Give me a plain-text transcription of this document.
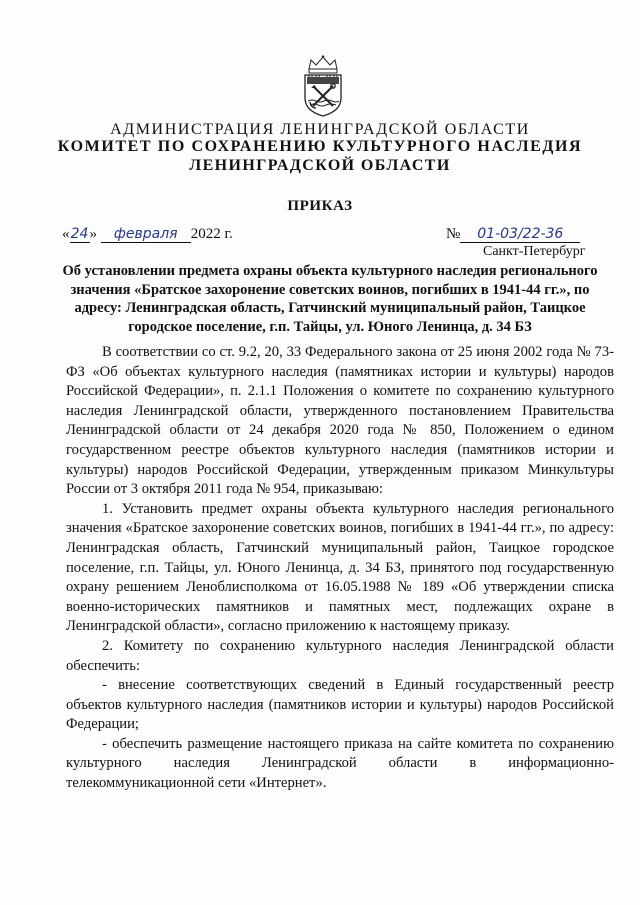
АДМИНИСТРАЦИЯ ЛЕНИНГРАДСКОЙ ОБЛАСТИ
КОМИТЕТ ПО СОХРАНЕНИЮ КУЛЬТУРНОГО НАСЛЕДИЯ
ЛЕНИНГРАДСКОЙ ОБЛАСТИ
ПРИКАЗ
«24» февраля 2022 г.	№ 01-03/22-36
Санкт-Петербург
Об установлении предмета охраны объекта культурного наследия регионального значения «Братское захоронение советских воинов, погибших в 1941-44 гг.», по адресу: Ленинградская область, Гатчинский муниципальный район, Таицкое городское поселение, г.п. Тайцы, ул. Юного Ленинца, д. 34 БЗ

В соответствии со ст. 9.2, 20, 33 Федерального закона от 25 июня 2002 года № 73-ФЗ «Об объектах культурного наследия (памятниках истории и культуры) народов Российской Федерации», п. 2.1.1 Положения о комитете по сохранению культурного наследия Ленинградской области, утвержденного постановлением Правительства Ленинградской области от 24 декабря 2020 года № 850, Положением о едином государственном реестре объектов культурного наследия (памятников истории и культуры) народов Российской Федерации, утвержденным приказом Минкультуры России от 3 октября 2011 года № 954, приказываю:

1. Установить предмет охраны объекта культурного наследия регионального значения «Братское захоронение советских воинов, погибших в 1941-44 гг.», по адресу: Ленинградская область, Гатчинский муниципальный район, Таицкое городское поселение, г.п. Тайцы, ул. Юного Ленинца, д. 34 БЗ, принятого под государственную охрану решением Леноблисполкома от 16.05.1988 № 189 «Об утверждении списка военно-исторических памятников и памятных мест, подлежащих охране в Ленинградской области», согласно приложению к настоящему приказу.

2. Комитету по сохранению культурного наследия Ленинградской области обеспечить:

- внесение соответствующих сведений в Единый государственный реестр объектов культурного наследия (памятников истории и культуры) народов Российской Федерации;

- обеспечить размещение настоящего приказа на сайте комитета по сохранению культурного наследия Ленинградской области в информационно-телекоммуникационной сети «Интернет».
